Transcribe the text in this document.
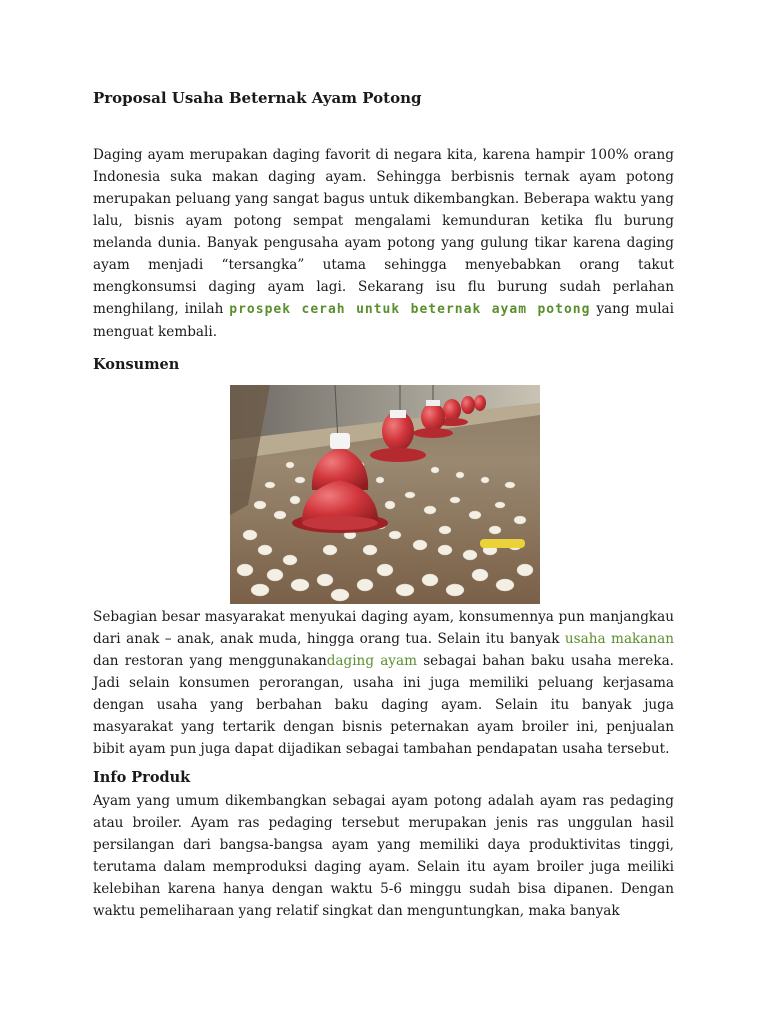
Proposal Usaha Beternak Ayam Potong
Daging ayam merupakan daging favorit di negara kita, karena hampir 100% orang Indonesia suka makan daging ayam. Sehingga berbisnis ternak ayam potong merupakan peluang yang sangat bagus untuk dikembangkan. Beberapa waktu yang lalu, bisnis ayam potong sempat mengalami kemunduran ketika flu burung melanda dunia. Banyak pengusaha ayam potong yang gulung tikar karena daging ayam menjadi “tersangka” utama sehingga menyebabkan orang takut mengkonsumsi daging ayam lagi. Sekarang isu flu burung sudah perlahan menghilang, inilah prospek cerah untuk beternak ayam potong yang mulai menguat kembali.
Konsumen
Sebagian besar masyarakat menyukai daging ayam, konsumennya pun manjangkau dari anak – anak, anak muda, hingga orang tua. Selain itu banyak usaha makanan dan restoran yang menggunakandaging ayam sebagai bahan baku usaha mereka. Jadi selain konsumen perorangan, usaha ini juga memiliki peluang kerjasama dengan usaha yang berbahan baku daging ayam. Selain itu banyak juga masyarakat yang tertarik dengan bisnis peternakan ayam broiler ini, penjualan bibit ayam pun juga dapat dijadikan sebagai tambahan pendapatan usaha tersebut.
Info Produk
Ayam yang umum dikembangkan sebagai ayam potong adalah ayam ras pedaging atau broiler. Ayam ras pedaging tersebut merupakan jenis ras unggulan hasil persilangan dari bangsa-bangsa ayam yang memiliki daya produktivitas tinggi, terutama dalam memproduksi daging ayam. Selain itu ayam broiler juga meiliki kelebihan karena hanya dengan waktu 5-6 minggu sudah bisa dipanen. Dengan waktu pemeliharaan yang relatif singkat dan menguntungkan, maka banyak
